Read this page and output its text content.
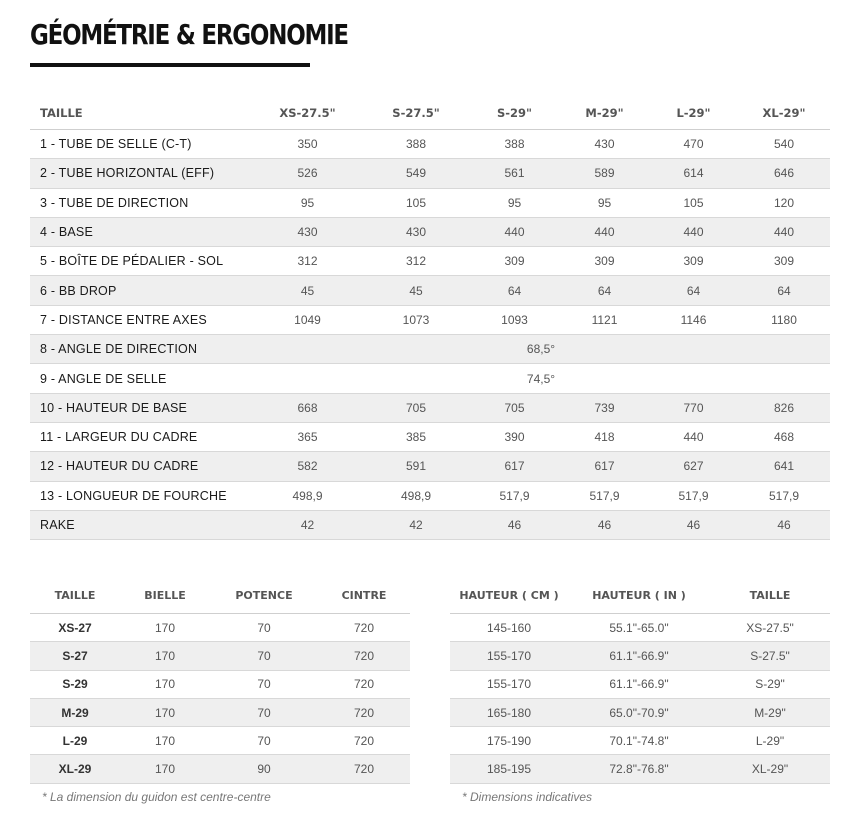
GÉOMÉTRIE & ERGONOMIE
TAILLE	XS-27.5"	S-27.5"	S-29"	M-29"	L-29"	XL-29"
1 - TUBE DE SELLE (C-T)	350	388	388	430	470	540
2 - TUBE HORIZONTAL (EFF)	526	549	561	589	614	646
3 - TUBE DE DIRECTION	95	105	95	95	105	120
4 - BASE	430	430	440	440	440	440
5 - BOÎTE DE PÉDALIER - SOL	312	312	309	309	309	309
6 - BB DROP	45	45	64	64	64	64
7 - DISTANCE ENTRE AXES	1049	1073	1093	1121	1146	1180
8 - ANGLE DE DIRECTION	68,5°					
9 - ANGLE DE SELLE	74,5°					
10 - HAUTEUR DE BASE	668	705	705	739	770	826
11 - LARGEUR DU CADRE	365	385	390	418	440	468
12 - HAUTEUR DU CADRE	582	591	617	617	627	641
13 - LONGUEUR DE FOURCHE	498,9	498,9	517,9	517,9	517,9	517,9
RAKE	42	42	46	46	46	46
TAILLE	BIELLE	POTENCE	CINTRE
XS-27	170	70	720
S-27	170	70	720
S-29	170	70	720
M-29	170	70	720
L-29	170	70	720
XL-29	170	90	720
HAUTEUR ( CM )	HAUTEUR ( IN )	TAILLE
145-160	55.1"-65.0"	XS-27.5"
155-170	61.1"-66.9"	S-27.5"
155-170	61.1"-66.9"	S-29"
165-180	65.0"-70.9"	M-29"
175-190	70.1"-74.8"	L-29"
185-195	72.8"-76.8"	XL-29"
* La dimension du guidon est centre-centre	* Dimensions indicatives
